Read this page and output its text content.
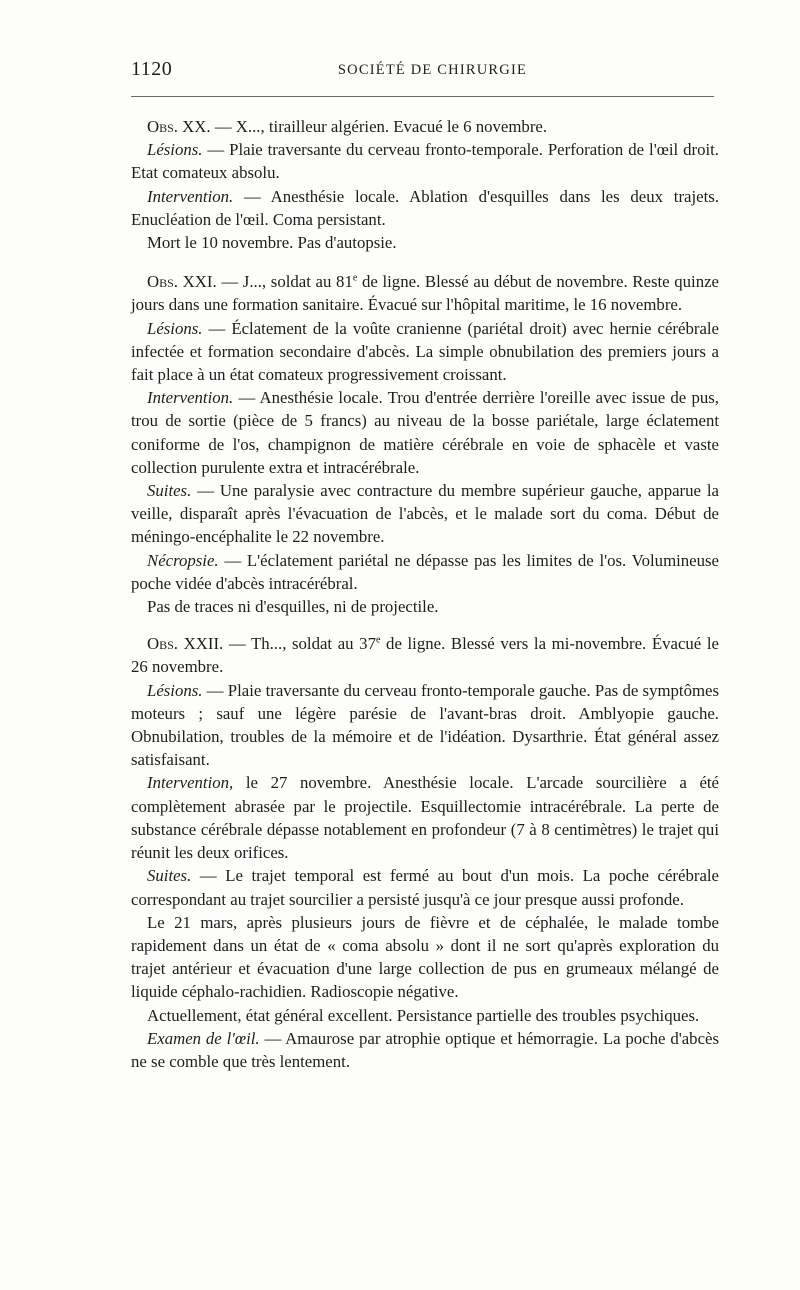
1120	SOCIÉTÉ DE CHIRURGIE

Obs. XX. — X..., tirailleur algérien. Evacué le 6 novembre.

Lésions. — Plaie traversante du cerveau fronto-temporale. Perforation de l'œil droit. Etat comateux absolu.

Intervention. — Anesthésie locale. Ablation d'esquilles dans les deux trajets. Enucléation de l'œil. Coma persistant.

Mort le 10 novembre. Pas d'autopsie.

Obs. XXI. — J..., soldat au 81e de ligne. Blessé au début de novembre. Reste quinze jours dans une formation sanitaire. Évacué sur l'hôpital maritime, le 16 novembre.

Lésions. — Éclatement de la voûte cranienne (pariétal droit) avec hernie cérébrale infectée et formation secondaire d'abcès. La simple obnubilation des premiers jours a fait place à un état comateux progressivement croissant.

Intervention. — Anesthésie locale. Trou d'entrée derrière l'oreille avec issue de pus, trou de sortie (pièce de 5 francs) au niveau de la bosse pariétale, large éclatement coniforme de l'os, champignon de matière cérébrale en voie de sphacèle et vaste collection purulente extra et intracérébrale.

Suites. — Une paralysie avec contracture du membre supérieur gauche, apparue la veille, disparaît après l'évacuation de l'abcès, et le malade sort du coma. Début de méningo-encéphalite le 22 novembre.

Nécropsie. — L'éclatement pariétal ne dépasse pas les limites de l'os. Volumineuse poche vidée d'abcès intracérébral.

Pas de traces ni d'esquilles, ni de projectile.

Obs. XXII. — Th..., soldat au 37e de ligne. Blessé vers la mi-novembre. Évacué le 26 novembre.

Lésions. — Plaie traversante du cerveau fronto-temporale gauche. Pas de symptômes moteurs ; sauf une légère parésie de l'avant-bras droit. Amblyopie gauche. Obnubilation, troubles de la mémoire et de l'idéation. Dysarthrie. État général assez satisfaisant.

Intervention, le 27 novembre. Anesthésie locale. L'arcade sourcilière a été complètement abrasée par le projectile. Esquillectomie intracérébrale. La perte de substance cérébrale dépasse notablement en profondeur (7 à 8 centimètres) le trajet qui réunit les deux orifices.

Suites. — Le trajet temporal est fermé au bout d'un mois. La poche cérébrale correspondant au trajet sourcilier a persisté jusqu'à ce jour presque aussi profonde.

Le 21 mars, après plusieurs jours de fièvre et de céphalée, le malade tombe rapidement dans un état de « coma absolu » dont il ne sort qu'après exploration du trajet antérieur et évacuation d'une large collection de pus en grumeaux mélangé de liquide céphalo-rachidien. Radioscopie négative.

Actuellement, état général excellent. Persistance partielle des troubles psychiques.

Examen de l'œil. — Amaurose par atrophie optique et hémorragie. La poche d'abcès ne se comble que très lentement.
